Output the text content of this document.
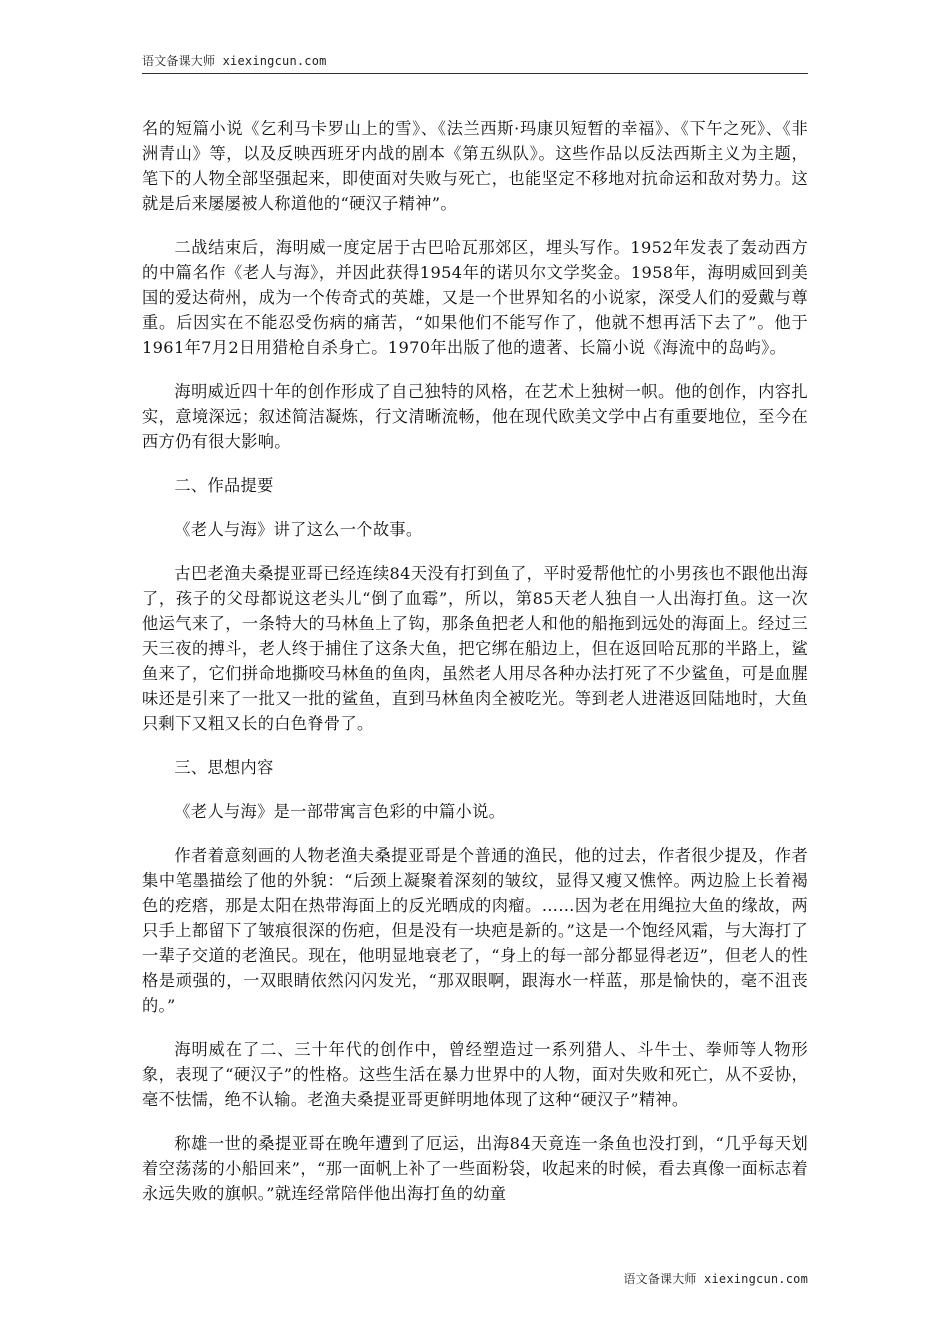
语文备课大师 xiexingcun.com

名的短篇小说《乞利马卡罗山上的雪》、《法兰西斯·玛康贝短暂的幸福》、《下午之死》、《非洲青山》等，以及反映西班牙内战的剧本《第五纵队》。这些作品以反法西斯主义为主题，笔下的人物全部坚强起来，即使面对失败与死亡，也能坚定不移地对抗命运和敌对势力。这就是后来屡屡被人称道他的“硬汉子精神”。

二战结束后，海明威一度定居于古巴哈瓦那郊区，埋头写作。1952年发表了轰动西方的中篇名作《老人与海》，并因此获得1954年的诺贝尔文学奖金。1958年，海明威回到美国的爱达荷州，成为一个传奇式的英雄，又是一个世界知名的小说家，深受人们的爱戴与尊重。后因实在不能忍受伤病的痛苦，“如果他们不能写作了，他就不想再活下去了”。他于1961年7月2日用猎枪自杀身亡。1970年出版了他的遗著、长篇小说《海流中的岛屿》。

海明威近四十年的创作形成了自己独特的风格，在艺术上独树一帜。他的创作，内容扎实，意境深远；叙述简洁凝炼，行文清晰流畅，他在现代欧美文学中占有重要地位，至今在西方仍有很大影响。

二、作品提要

《老人与海》讲了这么一个故事。

古巴老渔夫桑提亚哥已经连续84天没有打到鱼了，平时爱帮他忙的小男孩也不跟他出海了，孩子的父母都说这老头儿“倒了血霉”，所以，第85天老人独自一人出海打鱼。这一次他运气来了，一条特大的马林鱼上了钩，那条鱼把老人和他的船拖到远处的海面上。经过三天三夜的搏斗，老人终于捕住了这条大鱼，把它绑在船边上，但在返回哈瓦那的半路上，鲨鱼来了，它们拼命地撕咬马林鱼的鱼肉，虽然老人用尽各种办法打死了不少鲨鱼，可是血腥味还是引来了一批又一批的鲨鱼，直到马林鱼肉全被吃光。等到老人进港返回陆地时，大鱼只剩下又粗又长的白色脊骨了。

三、思想内容

《老人与海》是一部带寓言色彩的中篇小说。

作者着意刻画的人物老渔夫桑提亚哥是个普通的渔民，他的过去，作者很少提及，作者集中笔墨描绘了他的外貌：“后颈上凝聚着深刻的皱纹，显得又瘦又憔悴。两边脸上长着褐色的疙瘩，那是太阳在热带海面上的反光晒成的肉瘤。……因为老在用绳拉大鱼的缘故，两只手上都留下了皱痕很深的伤疤，但是没有一块疤是新的。”这是一个饱经风霜，与大海打了一辈子交道的老渔民。现在，他明显地衰老了，“身上的每一部分都显得老迈”，但老人的性格是顽强的，一双眼睛依然闪闪发光，“那双眼啊，跟海水一样蓝，那是愉快的，毫不沮丧的。”

海明威在了二、三十年代的创作中，曾经塑造过一系列猎人、斗牛士、拳师等人物形象，表现了“硬汉子”的性格。这些生活在暴力世界中的人物，面对失败和死亡，从不妥协，毫不怯懦，绝不认输。老渔夫桑提亚哥更鲜明地体现了这种“硬汉子”精神。

称雄一世的桑提亚哥在晚年遭到了厄运，出海84天竟连一条鱼也没打到，“几乎每天划着空荡荡的小船回来”，“那一面帆上补了一些面粉袋，收起来的时候，看去真像一面标志着永远失败的旗帜。”就连经常陪伴他出海打鱼的幼童

语文备课大师 xiexingcun.com
